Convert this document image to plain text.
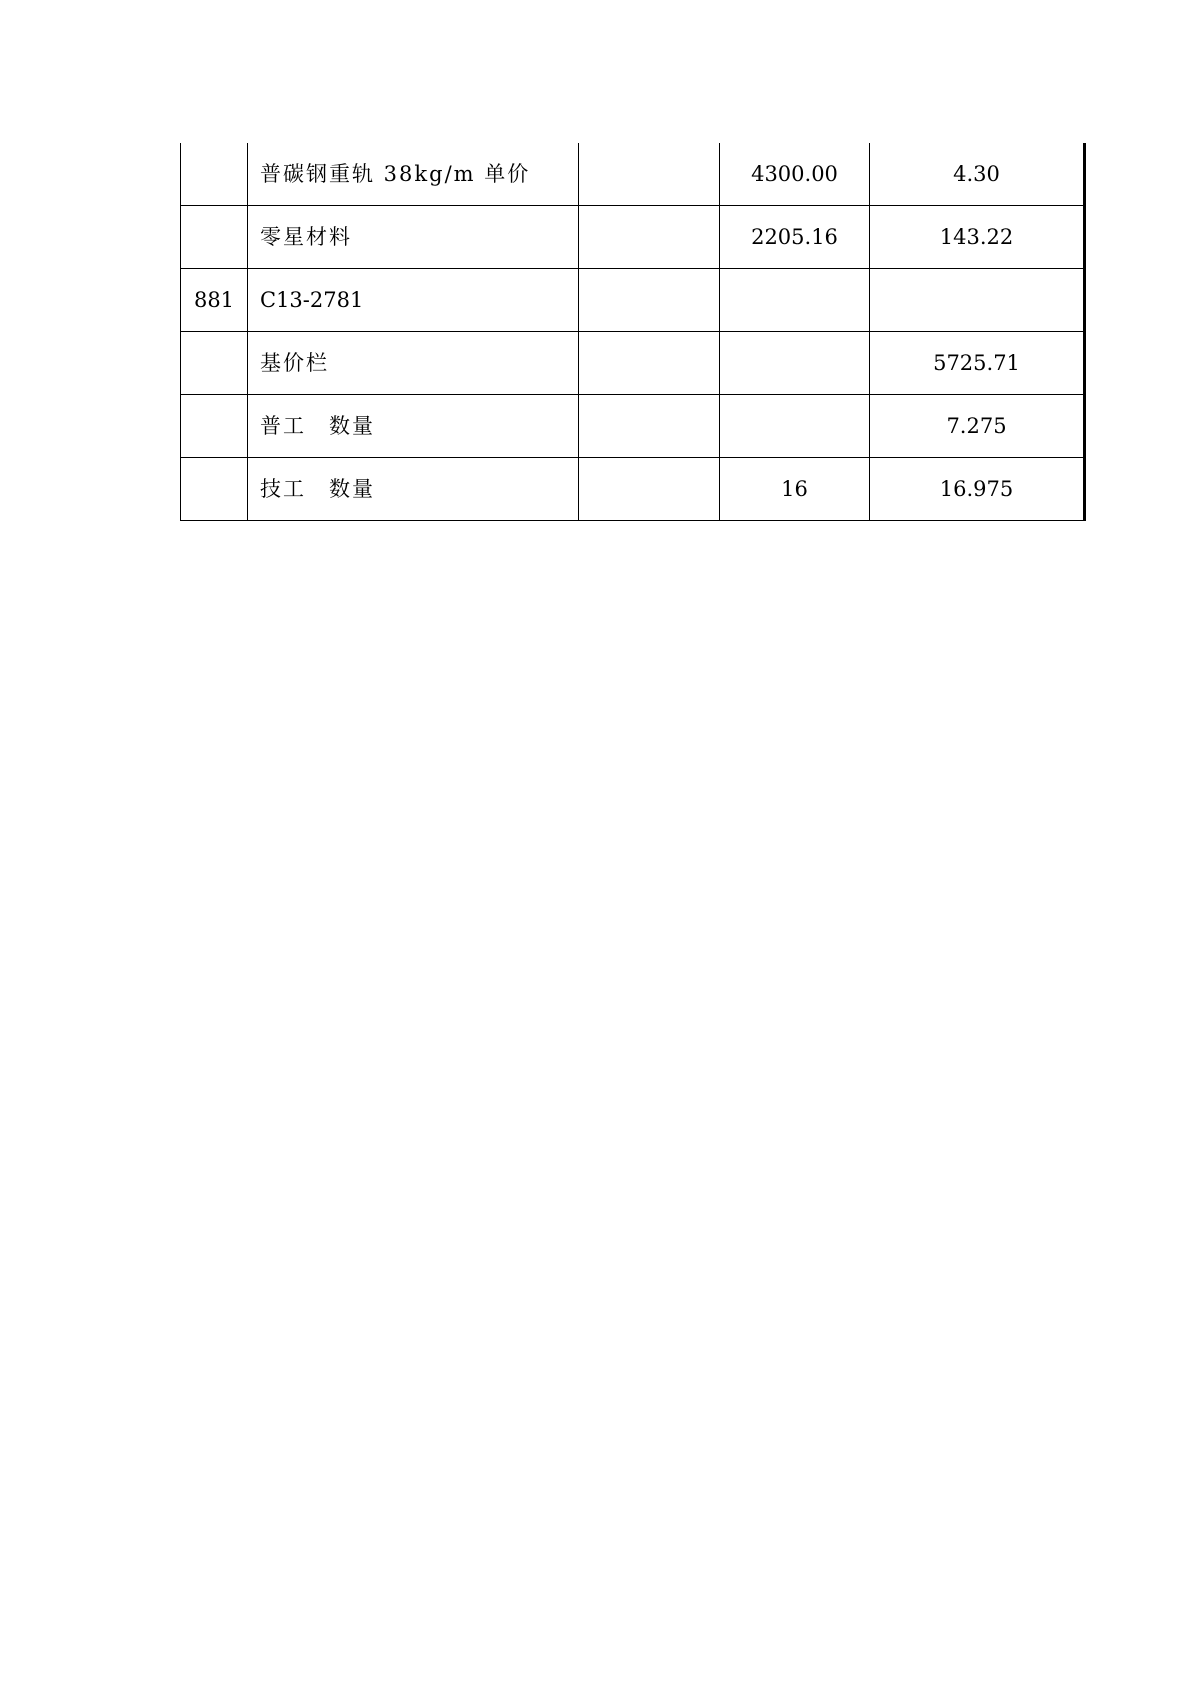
	普碳钢重轨 38kg/m 单价		4300.00	4.30
	零星材料		2205.16	143.22
881	C13-2781			
	基价栏			5725.71
	普工　数量			7.275
	技工　数量		16	16.975
